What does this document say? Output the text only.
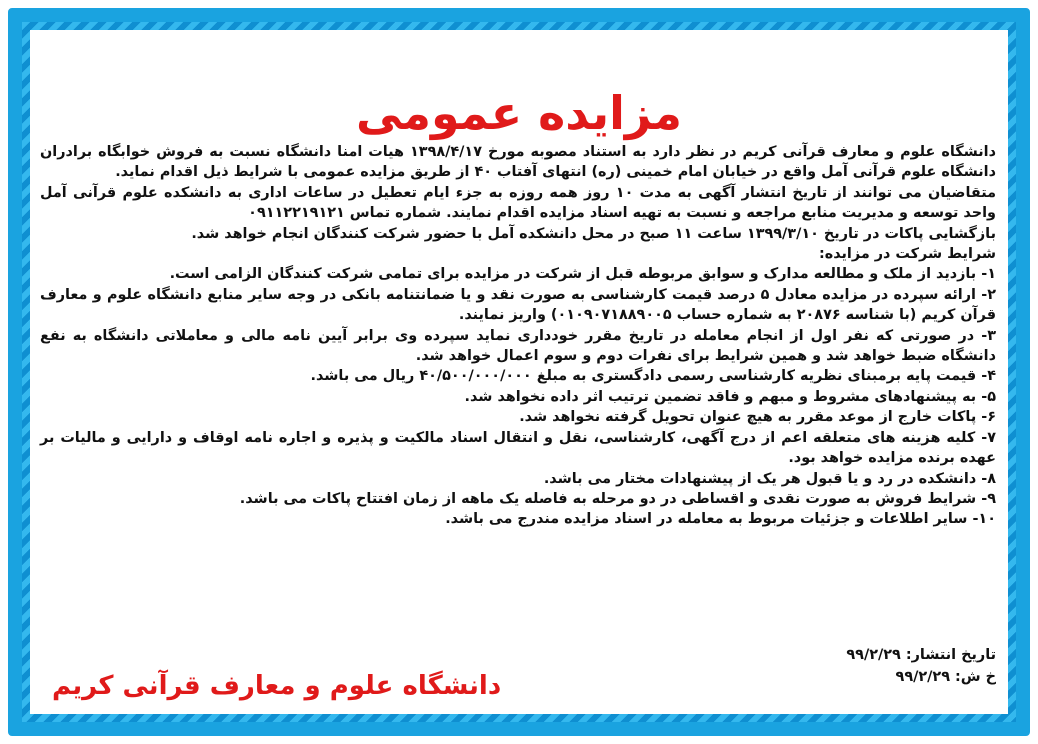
مزایده عمومی

دانشگاه علوم و معارف قرآنی کریم در نظر دارد به استناد مصوبه مورخ ۱۳۹۸/۴/۱۷ هیات امنا دانشگاه نسبت به فروش خوابگاه برادران دانشگاه علوم قرآنی آمل واقع در خیابان امام خمینی (ره) انتهای آفتاب ۴۰ از طریق مزایده عمومی با شرایط ذیل اقدام نماید.

متقاضیان می توانند از تاریخ انتشار آگهی به مدت ۱۰ روز همه روزه به جزء ایام تعطیل در ساعات اداری به دانشکده علوم قرآنی آمل واحد توسعه و مدیریت منابع مراجعه و نسبت به تهیه اسناد مزایده اقدام نمایند. شماره تماس ۰۹۱۱۲۲۱۹۱۲۱

بازگشایی پاکات در تاریخ ۱۳۹۹/۳/۱۰ ساعت ۱۱ صبح در محل دانشکده آمل با حضور شرکت کنندگان انجام خواهد شد.

شرایط شرکت در مزایده:

۱- بازدید از ملک و مطالعه مدارک و سوابق مربوطه قبل از شرکت در مزایده برای تمامی شرکت کنندگان الزامی است.

۲- ارائه سپرده در مزایده معادل ۵ درصد قیمت کارشناسی به صورت نقد و یا ضمانتنامه بانکی در وجه سایر منابع دانشگاه علوم و معارف قرآن کریم (با شناسه ۲۰۸۷۶ به شماره حساب ۰۱۰۹۰۷۱۸۸۹۰۰۵) واریز نمایند.

۳- در صورتی که نفر اول از انجام معامله در تاریخ مقرر خودداری نماید سپرده وی برابر آیین نامه مالی و معاملاتی دانشگاه به نفع دانشگاه ضبط خواهد شد و همین شرایط برای نفرات دوم و سوم اعمال خواهد شد.

۴- قیمت پایه برمبنای نظریه کارشناسی رسمی دادگستری به مبلغ ۴۰/۵۰۰/۰۰۰/۰۰۰ ریال می باشد.

۵- به پیشنهادهای مشروط و مبهم و فاقد تضمین ترتیب اثر داده نخواهد شد.

۶- پاکات خارج از موعد مقرر به هیچ عنوان تحویل گرفته نخواهد شد.

۷- کلیه هزینه های متعلقه اعم از درج آگهی، کارشناسی، نقل و انتقال اسناد مالکیت و پذیره و اجاره نامه اوقاف و دارایی و مالیات بر عهده برنده مزایده خواهد بود.

۸- دانشکده در رد و یا قبول هر یک از پیشنهادات مختار می باشد.

۹- شرایط فروش به صورت نقدی و اقساطی در دو مرحله به فاصله یک ماهه از زمان افتتاح پاکات می باشد.

۱۰- سایر اطلاعات و جزئیات مربوط به معامله در اسناد مزایده مندرج می باشد.

تاریخ انتشار: ۹۹/۲/۲۹
خ ش: ۹۹/۲/۲۹
دانشگاه علوم و معارف قرآنی کریم
